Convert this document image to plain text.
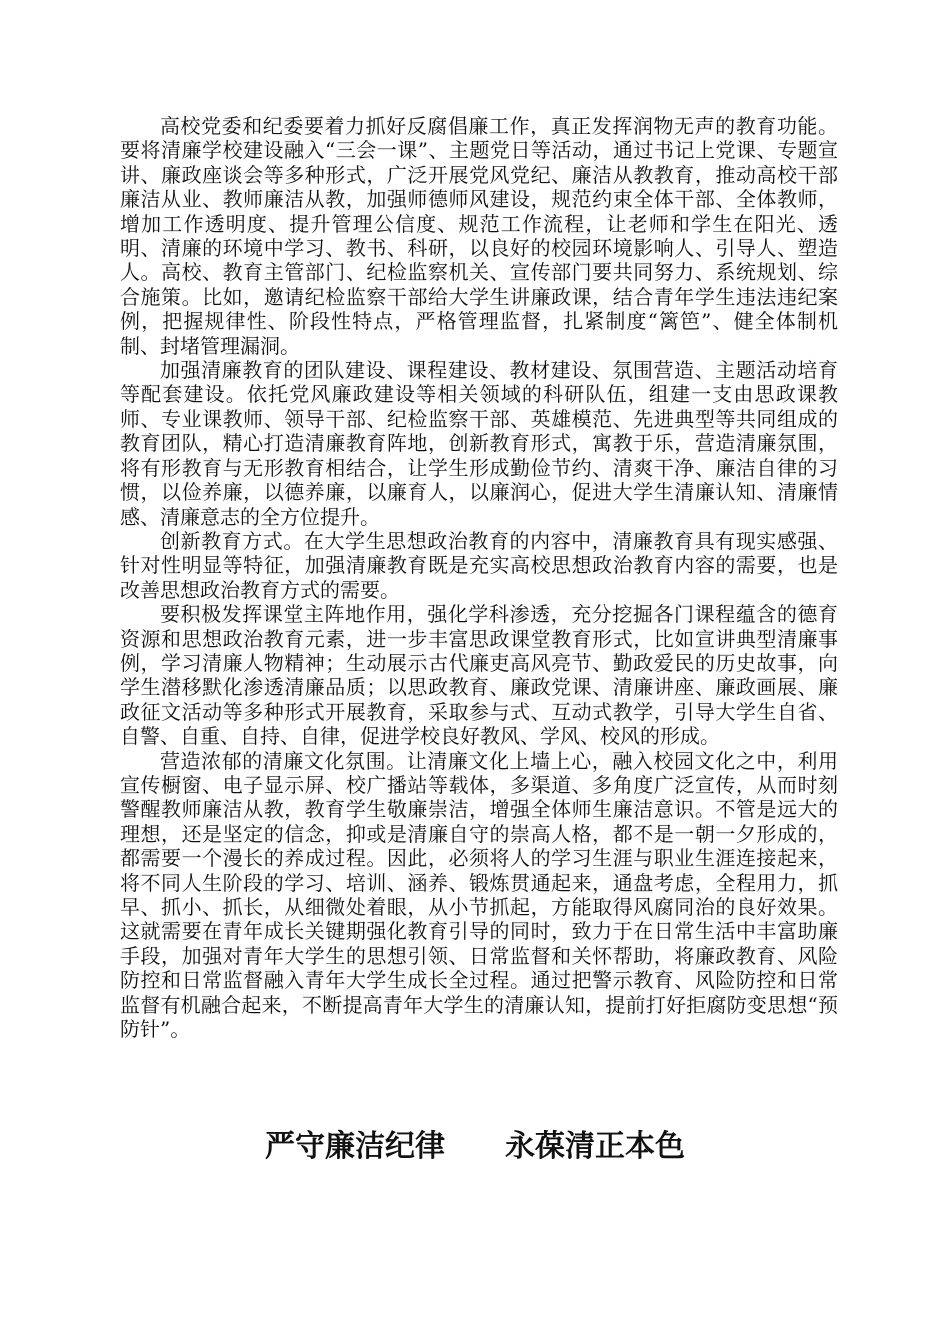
高校党委和纪委要着力抓好反腐倡廉工作，真正发挥润物无声的教育功能。要将清廉学校建设融入“三会一课”、主题党日等活动，通过书记上党课、专题宣讲、廉政座谈会等多种形式，广泛开展党风党纪、廉洁从教教育，推动高校干部廉洁从业、教师廉洁从教，加强师德师风建设，规范约束全体干部、全体教师，增加工作透明度、提升管理公信度、规范工作流程，让老师和学生在阳光、透明、清廉的环境中学习、教书、科研，以良好的校园环境影响人、引导人、塑造人。高校、教育主管部门、纪检监察机关、宣传部门要共同努力、系统规划、综合施策。比如，邀请纪检监察干部给大学生讲廉政课，结合青年学生违法违纪案例，把握规律性、阶段性特点，严格管理监督，扎紧制度“篱笆”、健全体制机制、封堵管理漏洞。

加强清廉教育的团队建设、课程建设、教材建设、氛围营造、主题活动培育等配套建设。依托党风廉政建设等相关领域的科研队伍，组建一支由思政课教师、专业课教师、领导干部、纪检监察干部、英雄模范、先进典型等共同组成的教育团队，精心打造清廉教育阵地，创新教育形式，寓教于乐，营造清廉氛围，将有形教育与无形教育相结合，让学生形成勤俭节约、清爽干净、廉洁自律的习惯，以俭养廉，以德养廉，以廉育人，以廉润心，促进大学生清廉认知、清廉情感、清廉意志的全方位提升。

创新教育方式。在大学生思想政治教育的内容中，清廉教育具有现实感强、针对性明显等特征，加强清廉教育既是充实高校思想政治教育内容的需要，也是改善思想政治教育方式的需要。

要积极发挥课堂主阵地作用，强化学科渗透，充分挖掘各门课程蕴含的德育资源和思想政治教育元素，进一步丰富思政课堂教育形式，比如宣讲典型清廉事例，学习清廉人物精神；生动展示古代廉吏高风亮节、勤政爱民的历史故事，向学生潜移默化渗透清廉品质；以思政教育、廉政党课、清廉讲座、廉政画展、廉政征文活动等多种形式开展教育，采取参与式、互动式教学，引导大学生自省、自警、自重、自持、自律，促进学校良好教风、学风、校风的形成。

营造浓郁的清廉文化氛围。让清廉文化上墙上心，融入校园文化之中，利用宣传橱窗、电子显示屏、校广播站等载体，多渠道、多角度广泛宣传，从而时刻警醒教师廉洁从教，教育学生敬廉崇洁，增强全体师生廉洁意识。不管是远大的理想，还是坚定的信念，抑或是清廉自守的崇高人格，都不是一朝一夕形成的，都需要一个漫长的养成过程。因此，必须将人的学习生涯与职业生涯连接起来，将不同人生阶段的学习、培训、涵养、锻炼贯通起来，通盘考虑，全程用力，抓早、抓小、抓长，从细微处着眼，从小节抓起，方能取得风腐同治的良好效果。这就需要在青年成长关键期强化教育引导的同时，致力于在日常生活中丰富助廉手段，加强对青年大学生的思想引领、日常监督和关怀帮助，将廉政教育、风险防控和日常监督融入青年大学生成长全过程。通过把警示教育、风险防控和日常监督有机融合起来，不断提高青年大学生的清廉认知，提前打好拒腐防变思想“预防针”。

严守廉洁纪律　　永葆清正本色
